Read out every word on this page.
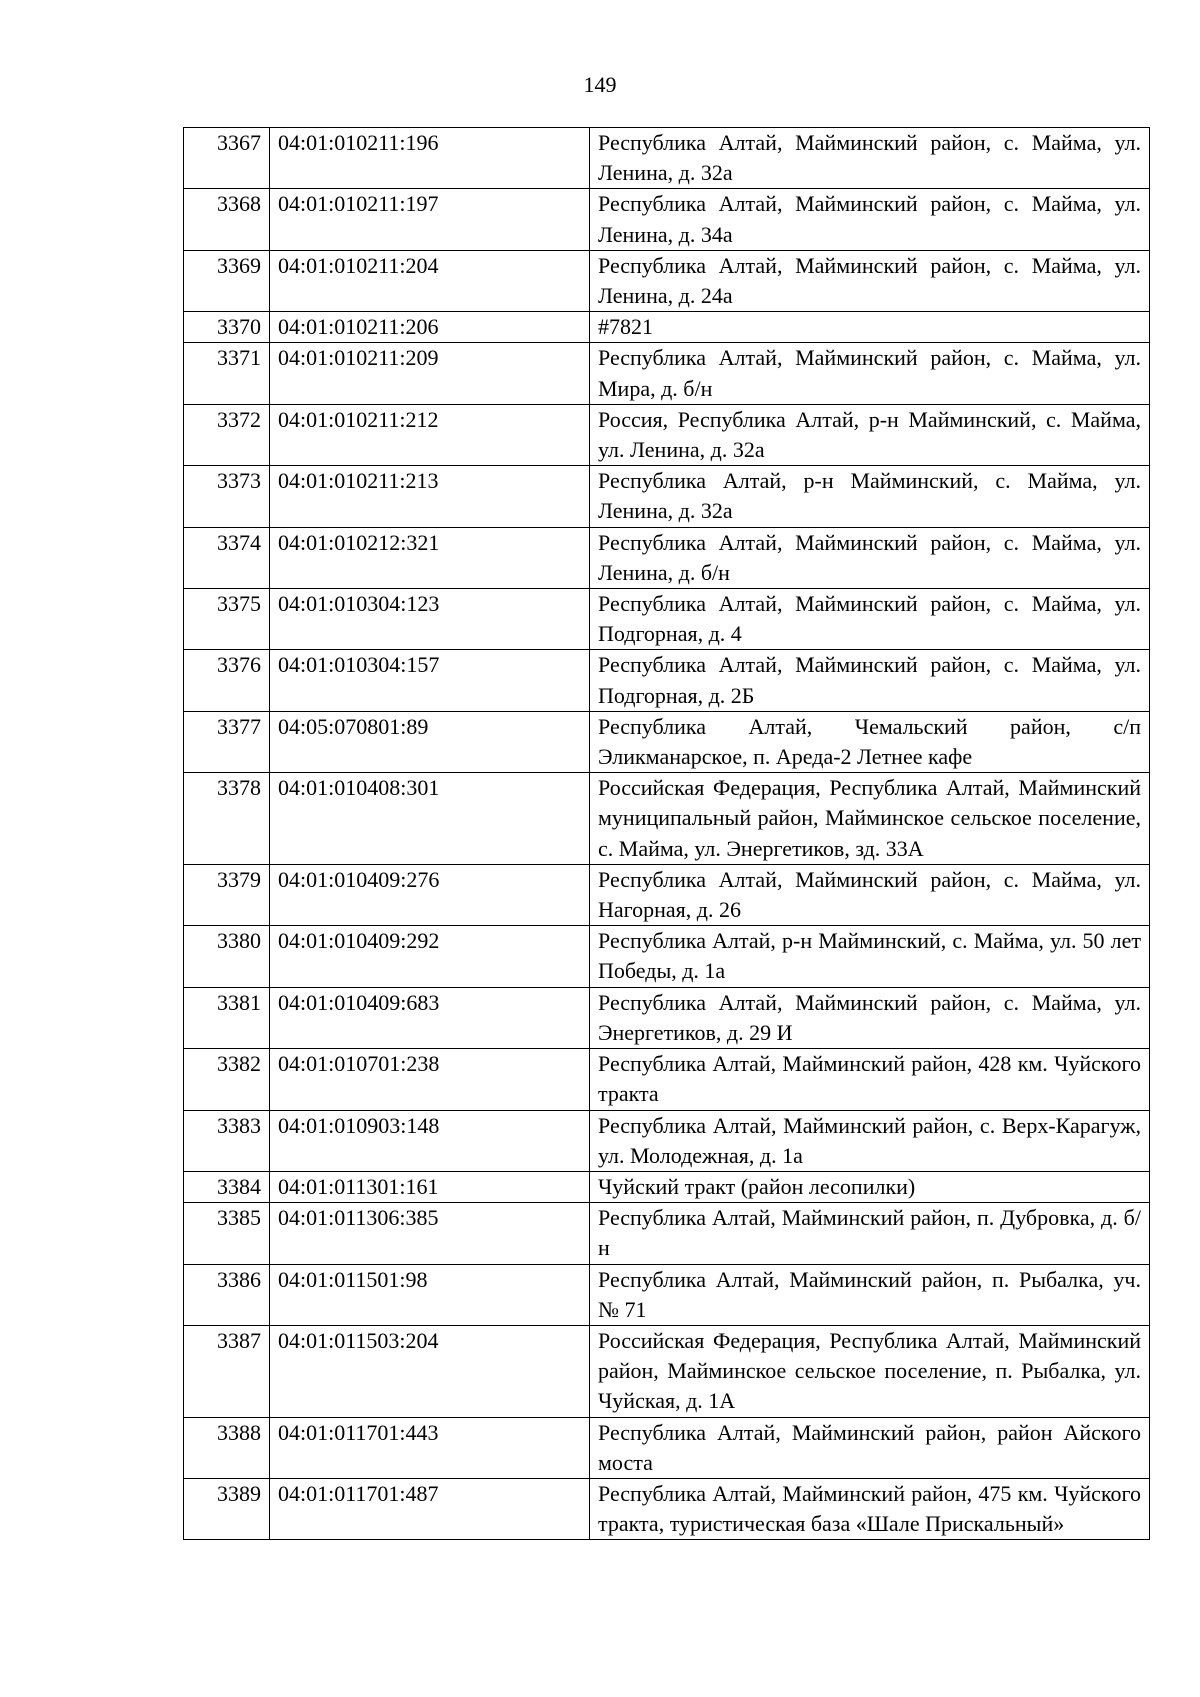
149
3367	04:01:010211:196	Республика Алтай, Майминский район, с. Майма, ул. Ленина, д. 32а
3368	04:01:010211:197	Республика Алтай, Майминский район, с. Майма, ул. Ленина, д. 34а
3369	04:01:010211:204	Республика Алтай, Майминский район, с. Майма, ул. Ленина, д. 24а
3370	04:01:010211:206	#7821
3371	04:01:010211:209	Республика Алтай, Майминский район, с. Майма, ул. Мира, д. б/н
3372	04:01:010211:212	Россия, Республика Алтай, р-н Майминский, с. Майма, ул. Ленина, д. 32а
3373	04:01:010211:213	Республика Алтай, р-н Майминский, с. Майма, ул. Ленина, д. 32а
3374	04:01:010212:321	Республика Алтай, Майминский район, с. Майма, ул. Ленина, д. б/н
3375	04:01:010304:123	Республика Алтай, Майминский район, с. Майма, ул. Подгорная, д. 4
3376	04:01:010304:157	Республика Алтай, Майминский район, с. Майма, ул. Подгорная, д. 2Б
3377	04:05:070801:89	Республика Алтай, Чемальский район, с/п Эликманарское, п. Ареда-2 Летнее кафе
3378	04:01:010408:301	Российская Федерация, Республика Алтай, Майминский муниципальный район, Майминское сельское поселение, с. Майма, ул. Энергетиков, зд. 33А
3379	04:01:010409:276	Республика Алтай, Майминский район, с. Майма, ул. Нагорная, д. 26
3380	04:01:010409:292	Республика Алтай, р-н Майминский, с. Майма, ул. 50 лет Победы, д. 1а
3381	04:01:010409:683	Республика Алтай, Майминский район, с. Майма, ул. Энергетиков, д. 29 И
3382	04:01:010701:238	Республика Алтай, Майминский район, 428 км. Чуйского тракта
3383	04:01:010903:148	Республика Алтай, Майминский район, с. Верх-Карагуж, ул. Молодежная, д. 1а
3384	04:01:011301:161	Чуйский тракт (район лесопилки)
3385	04:01:011306:385	Республика Алтай, Майминский район, п. Дубровка, д. б/н
3386	04:01:011501:98	Республика Алтай, Майминский район, п. Рыбалка, уч. № 71
3387	04:01:011503:204	Российская Федерация, Республика Алтай, Майминский район, Майминское сельское поселение, п. Рыбалка, ул. Чуйская, д. 1А
3388	04:01:011701:443	Республика Алтай, Майминский район, район Айского моста
3389	04:01:011701:487	Республика Алтай, Майминский район, 475 км. Чуйского тракта, туристическая база «Шале Прискальный»
